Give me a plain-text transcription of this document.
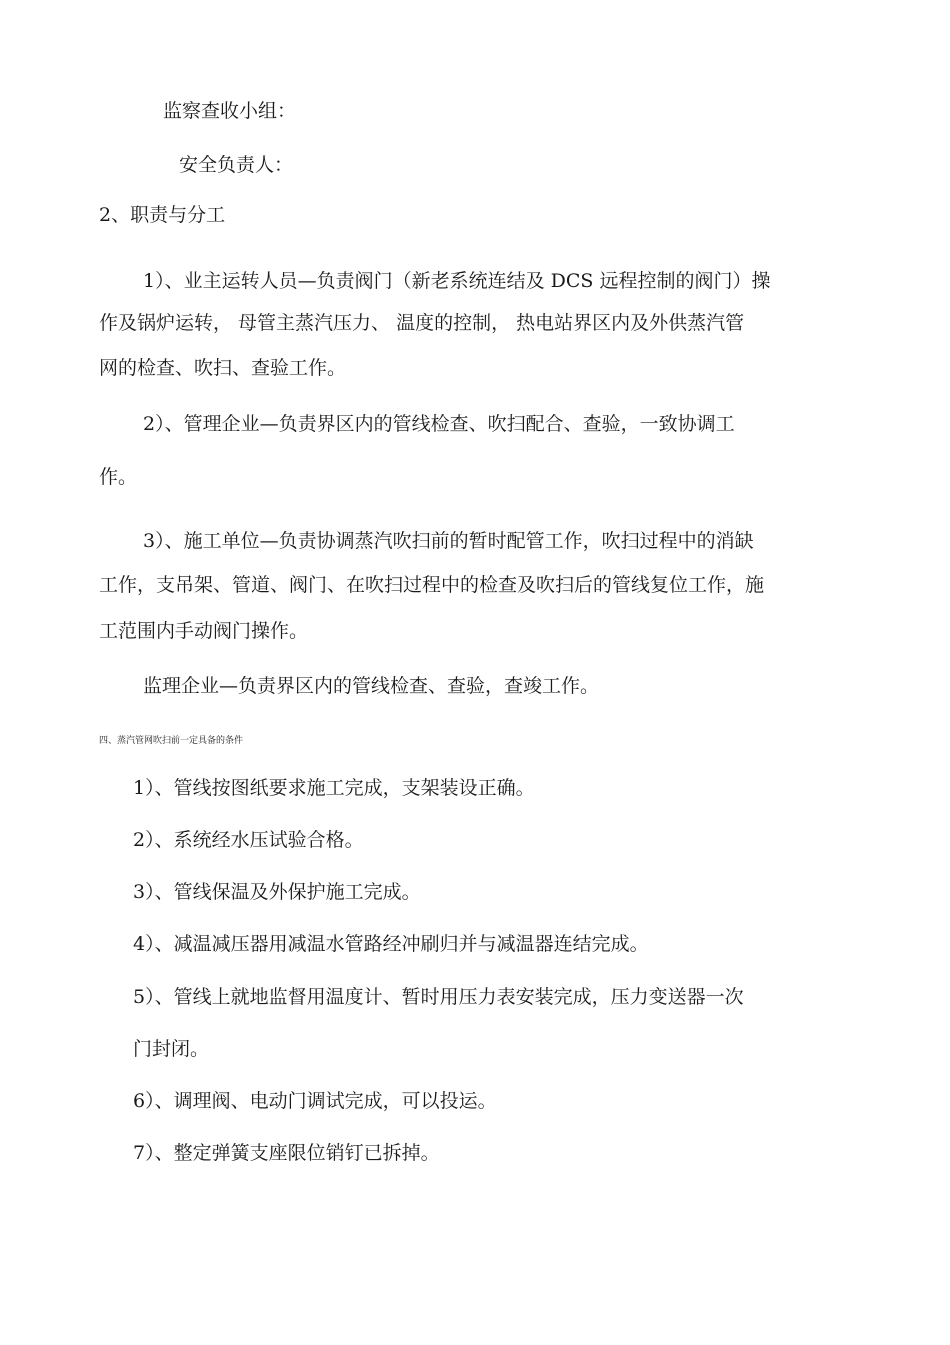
监察查收小组：
安全负责人：
2、职责与分工
1）、业主运转人员—负责阀门（新老系统连结及 DCS 远程控制的阀门）操
作及锅炉运转， 母管主蒸汽压力、 温度的控制， 热电站界区内及外供蒸汽管
网的检查、吹扫、查验工作。
2）、管理企业—负责界区内的管线检查、吹扫配合、查验，一致协调工
作。
3）、施工单位—负责协调蒸汽吹扫前的暂时配管工作，吹扫过程中的消缺
工作，支吊架、管道、阀门、在吹扫过程中的检查及吹扫后的管线复位工作，施
工范围内手动阀门操作。
监理企业—负责界区内的管线检查、查验，查竣工作。
四、蒸汽管网吹扫前一定具备的条件
1）、管线按图纸要求施工完成，支架装设正确。
2）、系统经水压试验合格。
3）、管线保温及外保护施工完成。
4）、减温减压器用减温水管路经冲刷归并与减温器连结完成。
5）、管线上就地监督用温度计、暂时用压力表安装完成，压力变送器一次
门封闭。
6）、调理阀、电动门调试完成，可以投运。
7）、整定弹簧支座限位销钉已拆掉。
